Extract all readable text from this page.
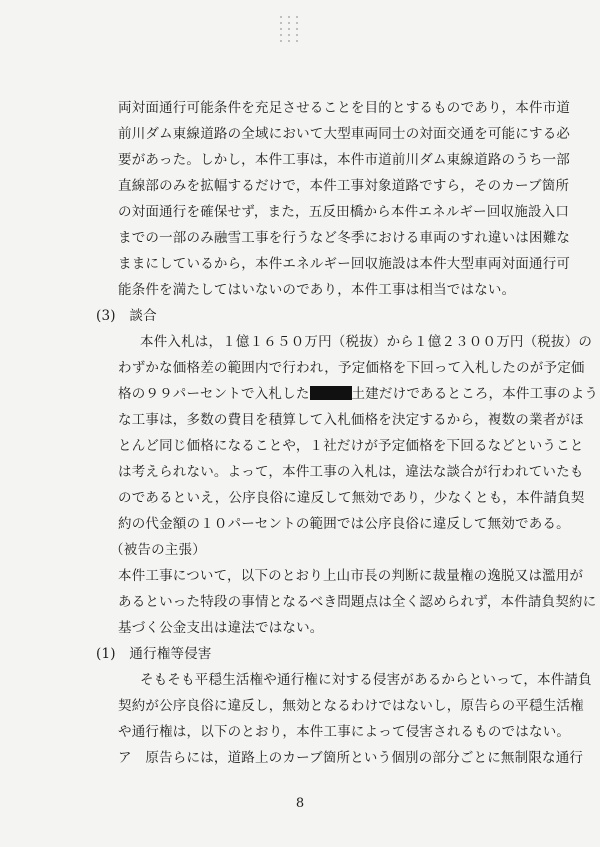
両対面通行可能条件を充足させることを目的とするものであり，本件市道
前川ダム東線道路の全域において大型車両同士の対面交通を可能にする必
要があった。しかし，本件工事は，本件市道前川ダム東線道路のうち一部
直線部のみを拡幅するだけで，本件工事対象道路ですら，そのカーブ箇所
の対面通行を確保せず，また，五反田橋から本件エネルギー回収施設入口
までの一部のみ融雪工事を行うなど冬季における車両のすれ違いは困難な
ままにしているから，本件エネルギー回収施設は本件大型車両対面通行可
能条件を満たしてはいないのであり，本件工事は相当ではない。
(3)　談合
本件入札は，１億１６５０万円（税抜）から１億２３００万円（税抜）の
わずかな価格差の範囲内で行われ，予定価格を下回って入札したのが予定価
格の９９パーセントで入札した	土建だけであるところ，本件工事のよう
な工事は，多数の費目を積算して入札価格を決定するから，複数の業者がほ
とんど同じ価格になることや，１社だけが予定価格を下回るなどということ
は考えられない。よって，本件工事の入札は，違法な談合が行われていたも
のであるといえ，公序良俗に違反して無効であり，少なくとも，本件請負契
約の代金額の１０パーセントの範囲では公序良俗に違反して無効である。
（被告の主張）
本件工事について，以下のとおり上山市長の判断に裁量権の逸脱又は濫用が
あるといった特段の事情となるべき問題点は全く認められず，本件請負契約に
基づく公金支出は違法ではない。
(1)　通行権等侵害
そもそも平穏生活権や通行権に対する侵害があるからといって，本件請負
契約が公序良俗に違反し，無効となるわけではないし，原告らの平穏生活権
や通行権は，以下のとおり，本件工事によって侵害されるものではない。
ア　原告らには，道路上のカーブ箇所という個別の部分ごとに無制限な通行
8
